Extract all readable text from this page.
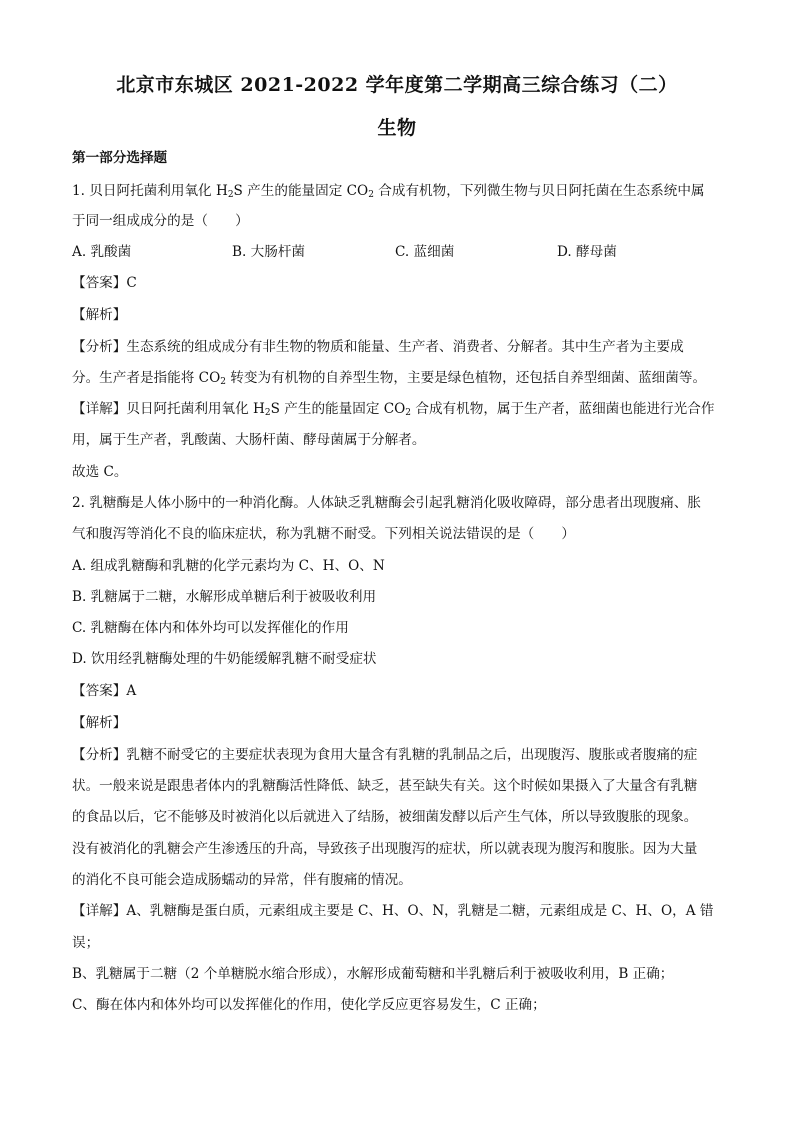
北京市东城区 2021-2022 学年度第二学期高三综合练习（二）
生物
第一部分选择题
1. 贝日阿托菌利用氧化 $H_2S$ 产生的能量固定 $CO_2$ 合成有机物，下列微生物与贝日阿托菌在生态系统中属
于同一组成成分的是（　　）
A. 乳酸菌	B. 大肠杆菌	C. 蓝细菌	D. 酵母菌
【答案】C
【解析】
【分析】生态系统的组成成分有非生物的物质和能量、生产者、消费者、分解者。其中生产者为主要成
分。生产者是指能将 $CO_2$ 转变为有机物的自养型生物，主要是绿色植物，还包括自养型细菌、蓝细菌等。
【详解】贝日阿托菌利用氧化 $H_2S$ 产生的能量固定 $CO_2$ 合成有机物，属于生产者，蓝细菌也能进行光合作
用，属于生产者，乳酸菌、大肠杆菌、酵母菌属于分解者。
故选 C。
2. 乳糖酶是人体小肠中的一种消化酶。人体缺乏乳糖酶会引起乳糖消化吸收障碍，部分患者出现腹痛、胀
气和腹泻等消化不良的临床症状，称为乳糖不耐受。下列相关说法错误的是（　　）
A. 组成乳糖酶和乳糖的化学元素均为 C、H、O、N
B. 乳糖属于二糖，水解形成单糖后利于被吸收利用
C. 乳糖酶在体内和体外均可以发挥催化的作用
D. 饮用经乳糖酶处理的牛奶能缓解乳糖不耐受症状
【答案】A
【解析】
【分析】乳糖不耐受它的主要症状表现为食用大量含有乳糖的乳制品之后，出现腹泻、腹胀或者腹痛的症
状。一般来说是跟患者体内的乳糖酶活性降低、缺乏，甚至缺失有关。这个时候如果摄入了大量含有乳糖
的食品以后，它不能够及时被消化以后就进入了结肠，被细菌发酵以后产生气体，所以导致腹胀的现象。
没有被消化的乳糖会产生渗透压的升高，导致孩子出现腹泻的症状，所以就表现为腹泻和腹胀。因为大量
的消化不良可能会造成肠蠕动的异常，伴有腹痛的情况。
【详解】A、乳糖酶是蛋白质，元素组成主要是 C、H、O、N，乳糖是二糖，元素组成是 C、H、O，A 错
误；
B、乳糖属于二糖（2 个单糖脱水缩合形成），水解形成葡萄糖和半乳糖后利于被吸收利用，B 正确；
C、酶在体内和体外均可以发挥催化的作用，使化学反应更容易发生，C 正确；
